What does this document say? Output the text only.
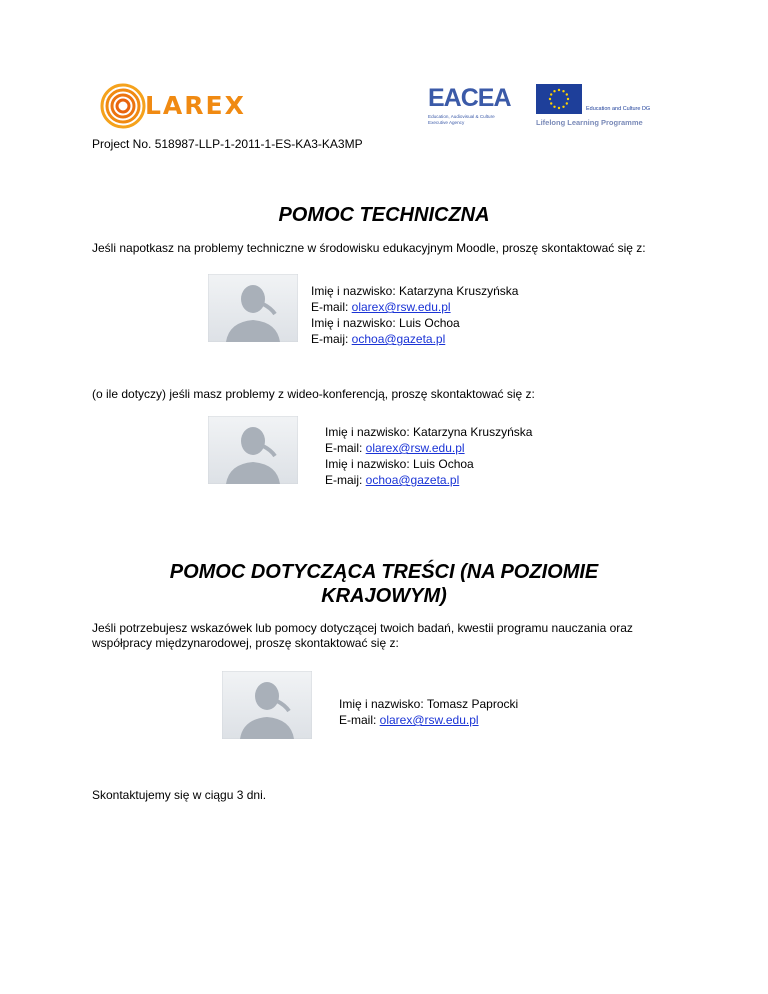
LAREX	EACEA
Education, Audiovisual & Culture Executive Agency
Education and Culture DG
Lifelong Learning Programme
Project No. 518987-LLP-1-2011-1-ES-KA3-KA3MP
POMOC TECHNICZNA
Jeśli napotkasz na problemy techniczne w środowisku edukacyjnym Moodle, proszę skontaktować się z:
Imię i nazwisko: Katarzyna Kruszyńska
E-mail: olarex@rsw.edu.pl
Imię i nazwisko: Luis Ochoa
E-maij: ochoa@gazeta.pl
(o ile dotyczy) jeśli masz problemy z wideo-konferencją, proszę skontaktować się z:
Imię i nazwisko: Katarzyna Kruszyńska
E-mail: olarex@rsw.edu.pl
Imię i nazwisko: Luis Ochoa
E-maij: ochoa@gazeta.pl
POMOC DOTYCZĄCA TREŚCI (NA POZIOMIE
KRAJOWYM)
Jeśli potrzebujesz wskazówek lub pomocy dotyczącej twoich badań, kwestii programu nauczania oraz
współpracy międzynarodowej, proszę skontaktować się z:
Imię i nazwisko: Tomasz Paprocki
E-mail: olarex@rsw.edu.pl
Skontaktujemy się w ciągu 3 dni.
